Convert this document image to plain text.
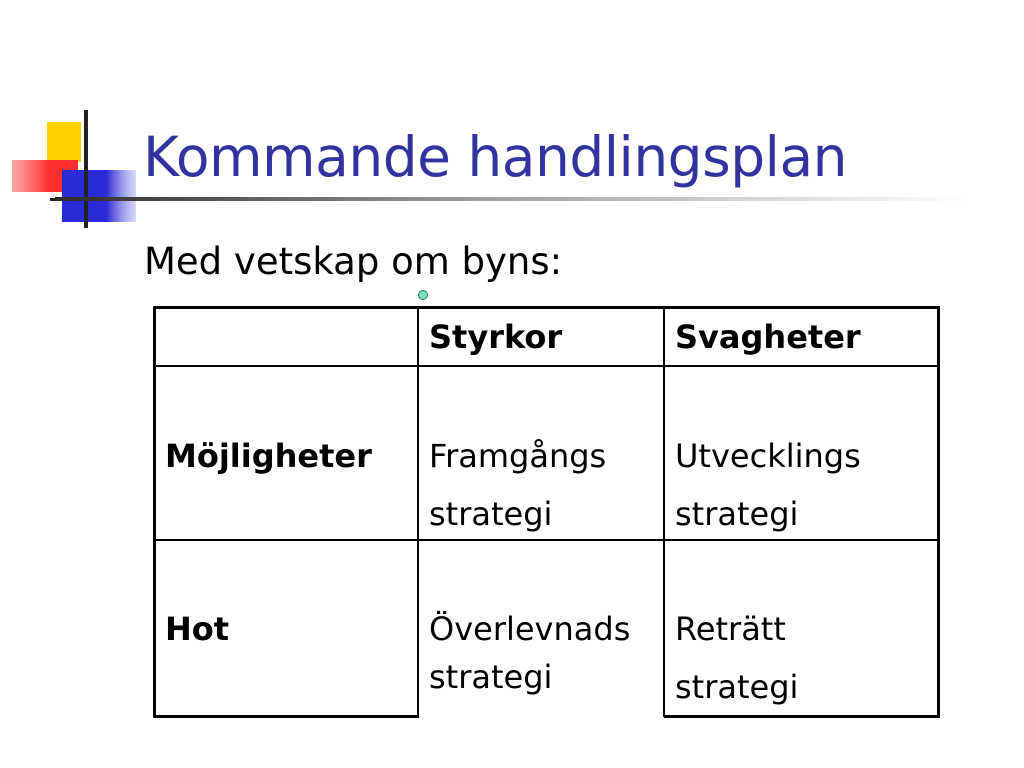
Kommande handlingsplan
Med vetskap om byns:
Styrkor	Svagheter
Möjligheter Framgångs
strategi
Utvecklings
strategi
Hot	Överlevnads
strategi
Reträtt
strategi
